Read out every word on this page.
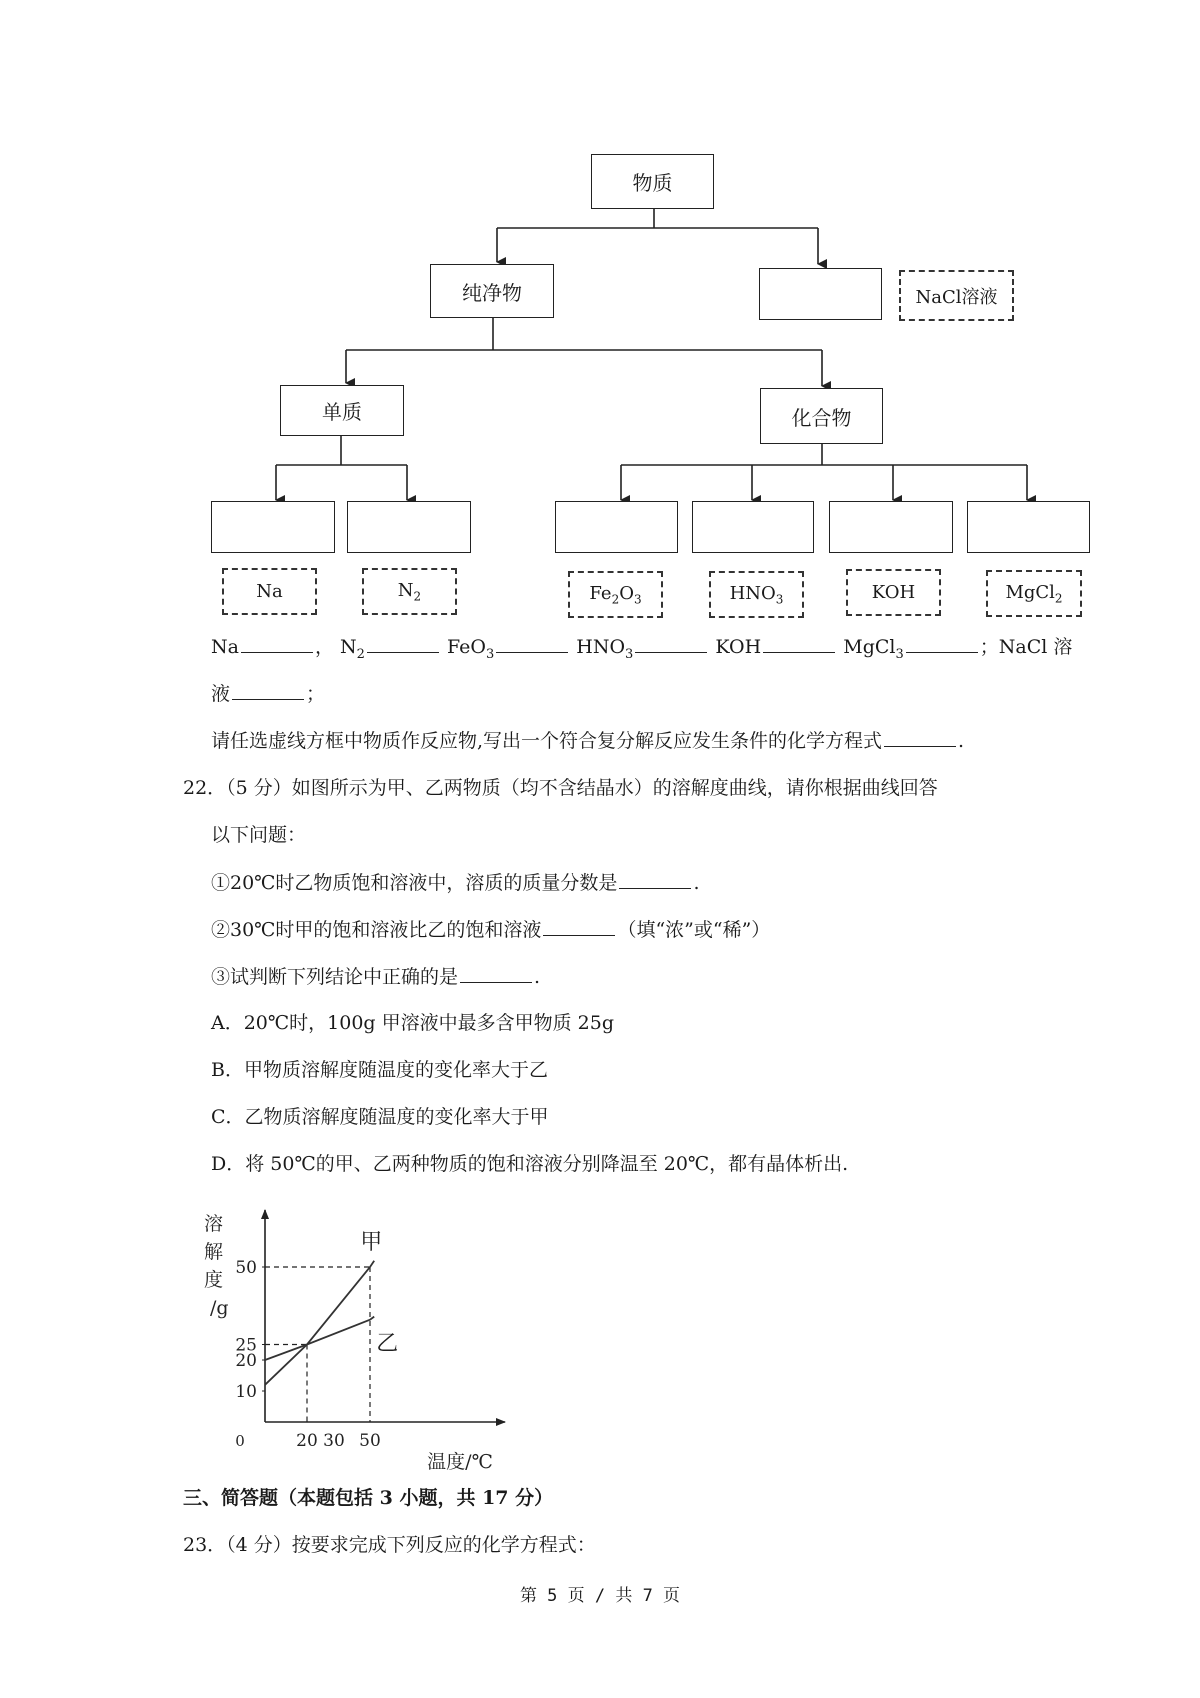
物质
纯净物	NaCl溶液
单质	化合物
Na	$N_2$	$Fe_2O_3$	$HNO_3$	KOH	MgCl$_2$
Na	， $N_2$	FeO$_3$	$HNO_3$	KOH	MgCl$_3$	；NaCl 溶
液	；
请任选虚线方框中物质作反应物,写出一个符合复分解反应发生条件的化学方程式	.
22．（5 分）如图所示为甲、乙两物质（均不含结晶水）的溶解度曲线，请你根据曲线回答
以下问题：
①20℃时乙物质饱和溶液中，溶质的质量分数是	.
②30℃时甲的饱和溶液比乙的饱和溶液	（填“浓”或“稀”）
③试判断下列结论中正确的是	.
A．20℃时，100g 甲溶液中最多含甲物质 25g
B．甲物质溶解度随温度的变化率大于乙
C．乙物质溶解度随温度的变化率大于甲
D．将 50℃的甲、乙两种物质的饱和溶液分别降温至 20℃，都有晶体析出.
溶
解
度
/g
0
50
25
20
10
20 30 50
甲
乙
温度/℃
三、简答题（本题包括 3 小题，共 17 分）
23．（4 分）按要求完成下列反应的化学方程式：
第 5 页 / 共 7 页
